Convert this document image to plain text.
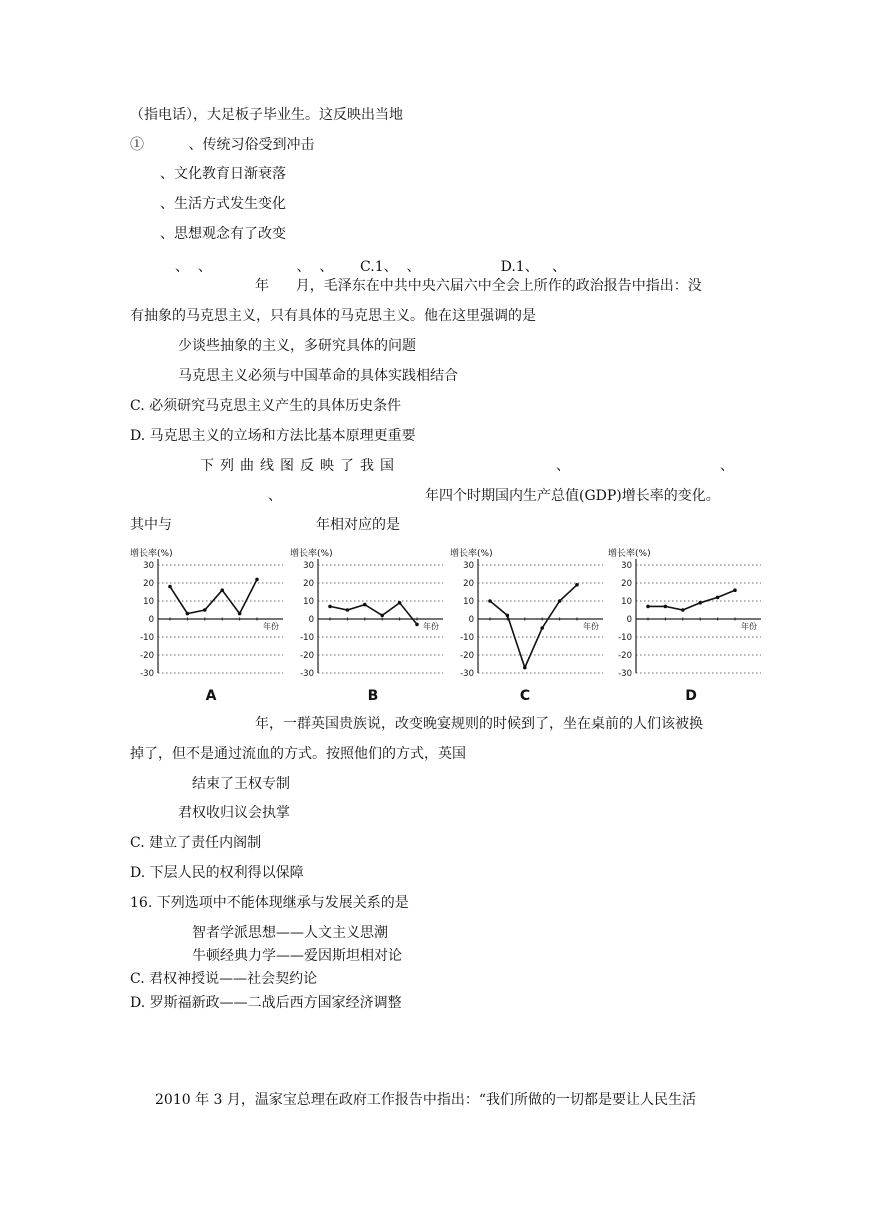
（指电话），大足板子毕业生。这反映出当地
①          、传统习俗受到冲击
、文化教育日渐衰落
、生活方式发生变化
、思想观念有了改变
、  、                   、  、      C.1、  、                  D.1、   、
年      月，毛泽东在中共中央六届六中全会上所作的政治报告中指出：没
有抽象的马克思主义，只有具体的马克思主义。他在这里强调的是
少谈些抽象的主义，多研究具体的问题
马克思主义必须与中国革命的具体实践相结合
C. 必须研究马克思主义产生的具体历史条件
D. 马克思主义的立场和方法比基本原理更重要
下列曲线图反映了我国	、	、
、	年四个时期国内生产总值(GDP)增长率的变化。
其中与	年相对应的是
增长率(%)
30
20
10
0
-10
-20
-30
年份
增长率(%)
30
20
10
0
-10
-20
-30
年份
增长率(%)
30
20
10
0
-10
-20
-30
年份
增长率(%)
30
20
10
0
-10
-20
-30
年份
A	B	C	D
年，一群英国贵族说，改变晚宴规则的时候到了，坐在桌前的人们该被换
掉了，但不是通过流血的方式。按照他们的方式，英国
结束了王权专制
君权收归议会执掌
C. 建立了责任内阁制
D. 下层人民的权利得以保障
16. 下列选项中不能体现继承与发展关系的是
智者学派思想——人文主义思潮
牛顿经典力学——爱因斯坦相对论
C. 君权神授说——社会契约论
D. 罗斯福新政——二战后西方国家经济调整
2010 年 3 月，温家宝总理在政府工作报告中指出：“我们所做的一切都是要让人民生活
